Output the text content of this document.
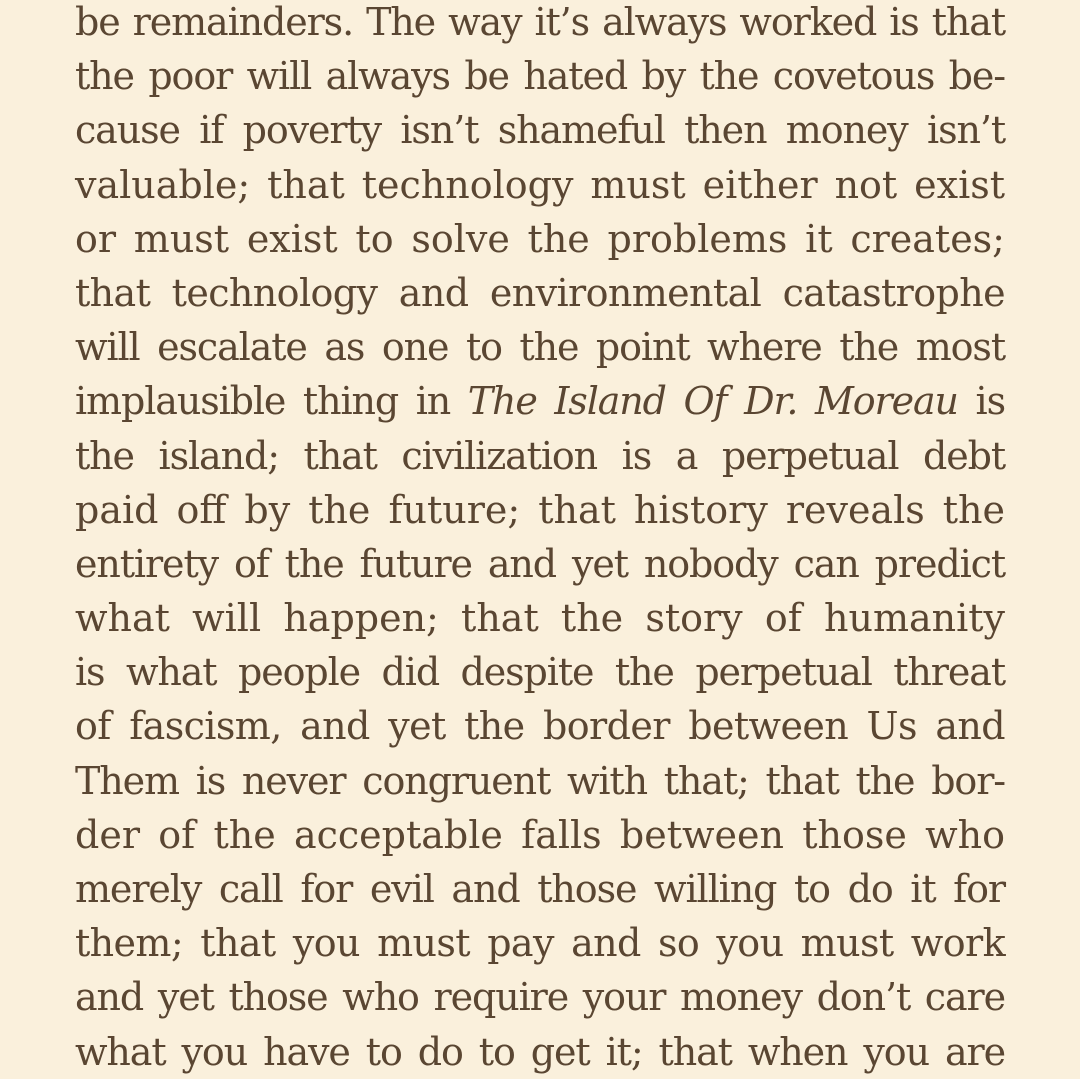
be remainders. The way it’s always worked is that
the poor will always be hated by the covetous be-
cause if poverty isn’t shameful then money isn’t
valuable; that technology must either not exist
or must exist to solve the problems it creates;
that technology and environmental catastrophe
will escalate as one to the point where the most
implausible thing in The Island Of Dr. Moreau is
the island; that civilization is a perpetual debt
paid off by the future; that history reveals the
entirety of the future and yet nobody can predict
what will happen; that the story of humanity
is what people did despite the perpetual threat
of fascism, and yet the border between Us and
Them is never congruent with that; that the bor-
der of the acceptable falls between those who
merely call for evil and those willing to do it for
them; that you must pay and so you must work
and yet those who require your money don’t care
what you have to do to get it; that when you are
